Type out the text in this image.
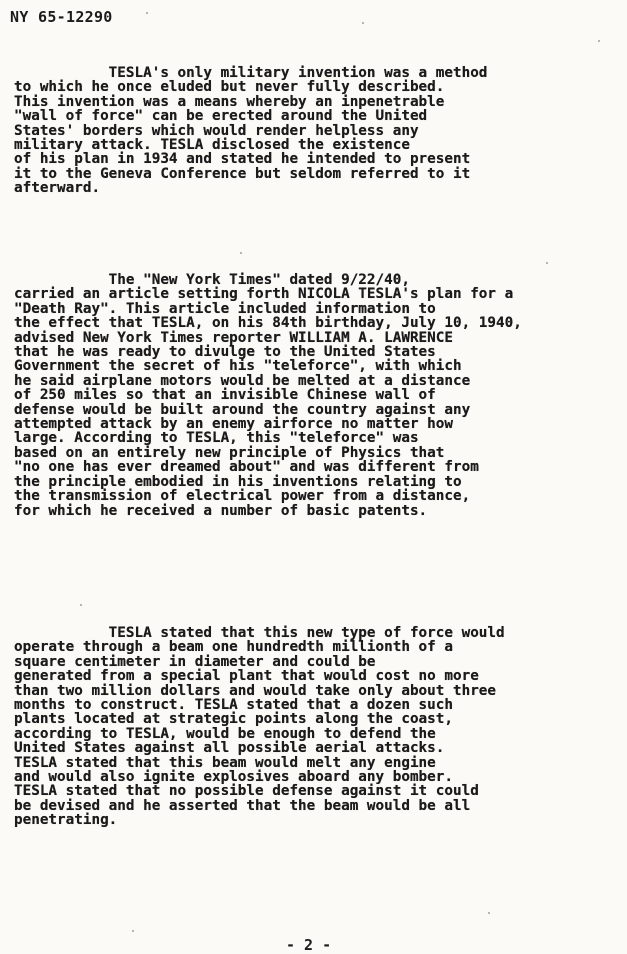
NY 65-12290

TESLA's only military invention was a method
to which he once eluded but never fully described.
This invention was a means whereby an inpenetrable
"wall of force" can be erected around the United
States' borders which would render helpless any
military attack. TESLA disclosed the existence
of his plan in 1934 and stated he intended to present
it to the Geneva Conference but seldom referred to it
afterward.

The "New York Times" dated 9/22/40,
carried an article setting forth NICOLA TESLA's plan for a
"Death Ray". This article included information to
the effect that TESLA, on his 84th birthday, July 10, 1940,
advised New York Times reporter WILLIAM A. LAWRENCE
that he was ready to divulge to the United States
Government the secret of his "teleforce", with which
he said airplane motors would be melted at a distance
of 250 miles so that an invisible Chinese wall of
defense would be built around the country against any
attempted attack by an enemy airforce no matter how
large. According to TESLA, this "teleforce" was
based on an entirely new principle of Physics that
"no one has ever dreamed about" and was different from
the principle embodied in his inventions relating to
the transmission of electrical power from a distance,
for which he received a number of basic patents.

TESLA stated that this new type of force would
operate through a beam one hundredth millionth of a
square centimeter in diameter and could be
generated from a special plant that would cost no more
than two million dollars and would take only about three
months to construct. TESLA stated that a dozen such
plants located at strategic points along the coast,
according to TESLA, would be enough to defend the
United States against all possible aerial attacks.
TESLA stated that this beam would melt any engine
and would also ignite explosives aboard any bomber.
TESLA stated that no possible defense against it could
be devised and he asserted that the beam would be all
penetrating.

- 2 -
